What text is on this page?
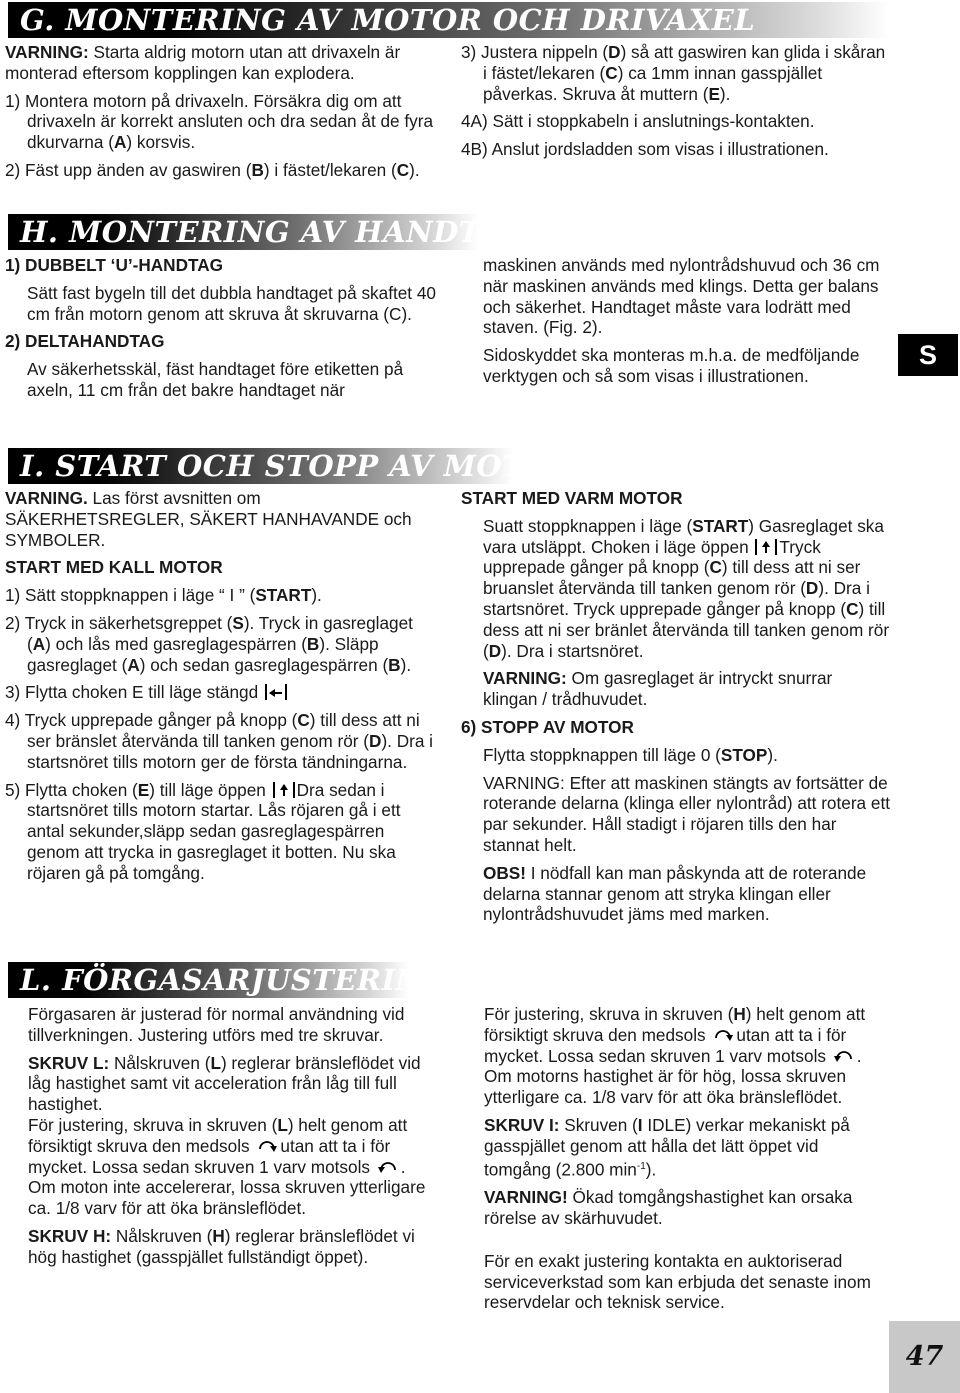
G. MONTERING AV MOTOR OCH DRIVAXEL

VARNING: Starta aldrig motorn utan att drivaxeln är monterad eftersom kopplingen kan explodera.

1) Montera motorn på drivaxeln. Försäkra dig om att drivaxeln är korrekt ansluten och dra sedan åt de fyra dkurvarna (A) korsvis.

2) Fäst upp änden av gaswiren (B) i fästet/lekaren (C).

3) Justera nippeln (D) så att gaswiren kan glida i skåran i fästet/lekaren (C) ca 1mm innan gasspjället påverkas. Skruva åt muttern (E).

4A) Sätt i stoppkabeln i anslutnings-kontakten.

4B) Anslut jordsladden som visas i illustrationen.

H. MONTERING AV HANDTAG

1) DUBBELT ‘U’-HANDTAG

Sätt fast bygeln till det dubbla handtaget på skaftet 40 cm från motorn genom att skruva åt skruvarna (C).

2) DELTAHANDTAG

Av säkerhetsskäl, fäst handtaget före etiketten på axeln, 11 cm från det bakre handtaget när

maskinen används med nylontrådshuvud och 36 cm när maskinen används med klings. Detta ger balans och säkerhet. Handtaget måste vara lodrätt med staven. (Fig. 2).

Sidoskyddet ska monteras m.h.a. de medföljande verktygen och så som visas i illustrationen.

S
I. START OCH STOPP AV MOTOR

VARNING. Las först avsnitten om SÄKERHETSREGLER, SÄKERT HANHAVANDE och SYMBOLER.

START MED KALL MOTOR

1) Sätt stoppknappen i läge “ I ” (START).

2) Tryck in säkerhetsgreppet (S). Tryck in gasreglaget (A) och lås med gasreglagespärren (B). Släpp gasreglaget (A) och sedan gasreglagespärren (B).

3) Flytta choken E till läge stängd

4) Tryck upprepade gånger på knopp (C) till dess att ni ser bränslet återvända till tanken genom rör (D). Dra i startsnöret tills motorn ger de första tändningarna.

5) Flytta choken (E) till läge öppen Dra sedan i startsnöret tills motorn startar. Lås röjaren gå i ett antal sekunder,släpp sedan gasreglagespärren genom att trycka in gasreglaget it botten. Nu ska röjaren gå på tomgång.

START MED VARM MOTOR

Suatt stoppknappen i läge (START) Gasreglaget ska vara utsläppt. Choken i läge öppen Tryck upprepade gånger på knopp (C) till dess att ni ser bruanslet återvända till tanken genom rör (D). Dra i startsnöret. Tryck upprepade gånger på knopp (C) till dess att ni ser bränlet återvända till tanken genom rör (D). Dra i startsnöret.

VARNING: Om gasreglaget är intryckt snurrar klingan / trådhuvudet.

6) STOPP AV MOTOR

Flytta stoppknappen till läge 0 (STOP).

VARNING: Efter att maskinen stängts av fortsätter de roterande delarna (klinga eller nylontråd) att rotera ett par sekunder. Håll stadigt i röjaren tills den har stannat helt.

OBS! I nödfall kan man påskynda att de roterande delarna stannar genom att stryka klingan eller nylontrådshuvudet jäms med marken.

L. FÖRGASARJUSTERING

Förgasaren är justerad för normal användning vid tillverkningen. Justering utförs med tre skruvar.

SKRUV L: Nålskruven (L) reglerar bränsleflödet vid låg hastighet samt vit acceleration från låg till full hastighet.

För justering, skruva in skruven (L) helt genom att försiktigt skruva den medsols utan att ta i för mycket. Lossa sedan skruven 1 varv motsols . Om moton inte accelererar, lossa skruven ytterligare ca. 1/8 varv för att öka bränsleflödet.

SKRUV H: Nålskruven (H) reglerar bränsleflödet vi hög hastighet (gasspjället fullständigt öppet).

För justering, skruva in skruven (H) helt genom att försiktigt skruva den medsols utan att ta i för mycket. Lossa sedan skruven 1 varv motsols . Om motorns hastighet är för hög, lossa skruven ytterligare ca. 1/8 varv för att öka bränsleflödet.

SKRUV I: Skruven (I IDLE) verkar mekaniskt på gasspjället genom att hålla det lätt öppet vid tomgång (2.800 $\min^{-1}$).

VARNING! Ökad tomgångshastighet kan orsaka rörelse av skärhuvudet.

För en exakt justering kontakta en auktoriserad serviceverkstad som kan erbjuda det senaste inom reservdelar och teknisk service.

47
